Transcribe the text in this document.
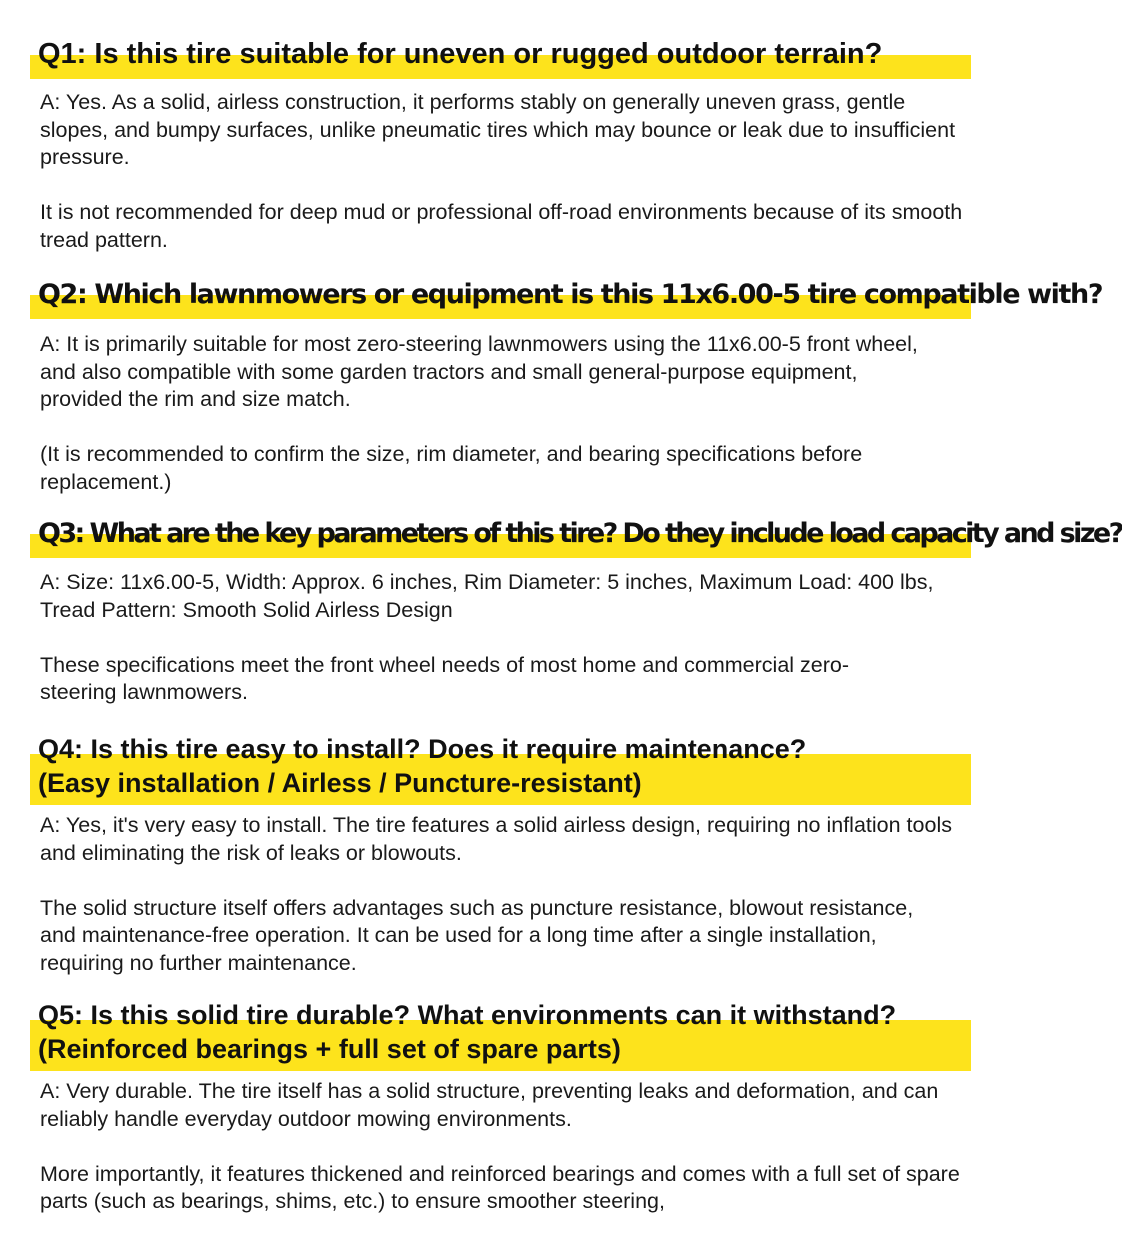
Q1: Is this tire suitable for uneven or rugged outdoor terrain?

A: Yes. As a solid, airless construction, it performs stably on generally uneven grass, gentle slopes, and bumpy surfaces, unlike pneumatic tires which may bounce or leak due to insufficient pressure.

It is not recommended for deep mud or professional off-road environments because of its smooth tread pattern.

Q2: Which lawnmowers or equipment is this 11x6.00-5 tire compatible with?

A: It is primarily suitable for most zero-steering lawnmowers using the 11x6.00-5 front wheel, and also compatible with some garden tractors and small general-purpose equipment, provided the rim and size match.

(It is recommended to confirm the size, rim diameter, and bearing specifications before replacement.)

Q3: What are the key parameters of this tire? Do they include load capacity and size?

A: Size: 11x6.00-5, Width: Approx. 6 inches, Rim Diameter: 5 inches, Maximum Load: 400 lbs, Tread Pattern: Smooth Solid Airless Design

These specifications meet the front wheel needs of most home and commercial zero-steering lawnmowers.

Q4: Is this tire easy to install? Does it require maintenance?
(Easy installation / Airless / Puncture-resistant)

A: Yes, it's very easy to install. The tire features a solid airless design, requiring no inflation tools and eliminating the risk of leaks or blowouts.

The solid structure itself offers advantages such as puncture resistance, blowout resistance, and maintenance-free operation. It can be used for a long time after a single installation, requiring no further maintenance.

Q5: Is this solid tire durable? What environments can it withstand?
(Reinforced bearings + full set of spare parts)

A: Very durable. The tire itself has a solid structure, preventing leaks and deformation, and can reliably handle everyday outdoor mowing environments.

More importantly, it features thickened and reinforced bearings and comes with a full set of spare parts (such as bearings, shims, etc.) to ensure smoother steering,
